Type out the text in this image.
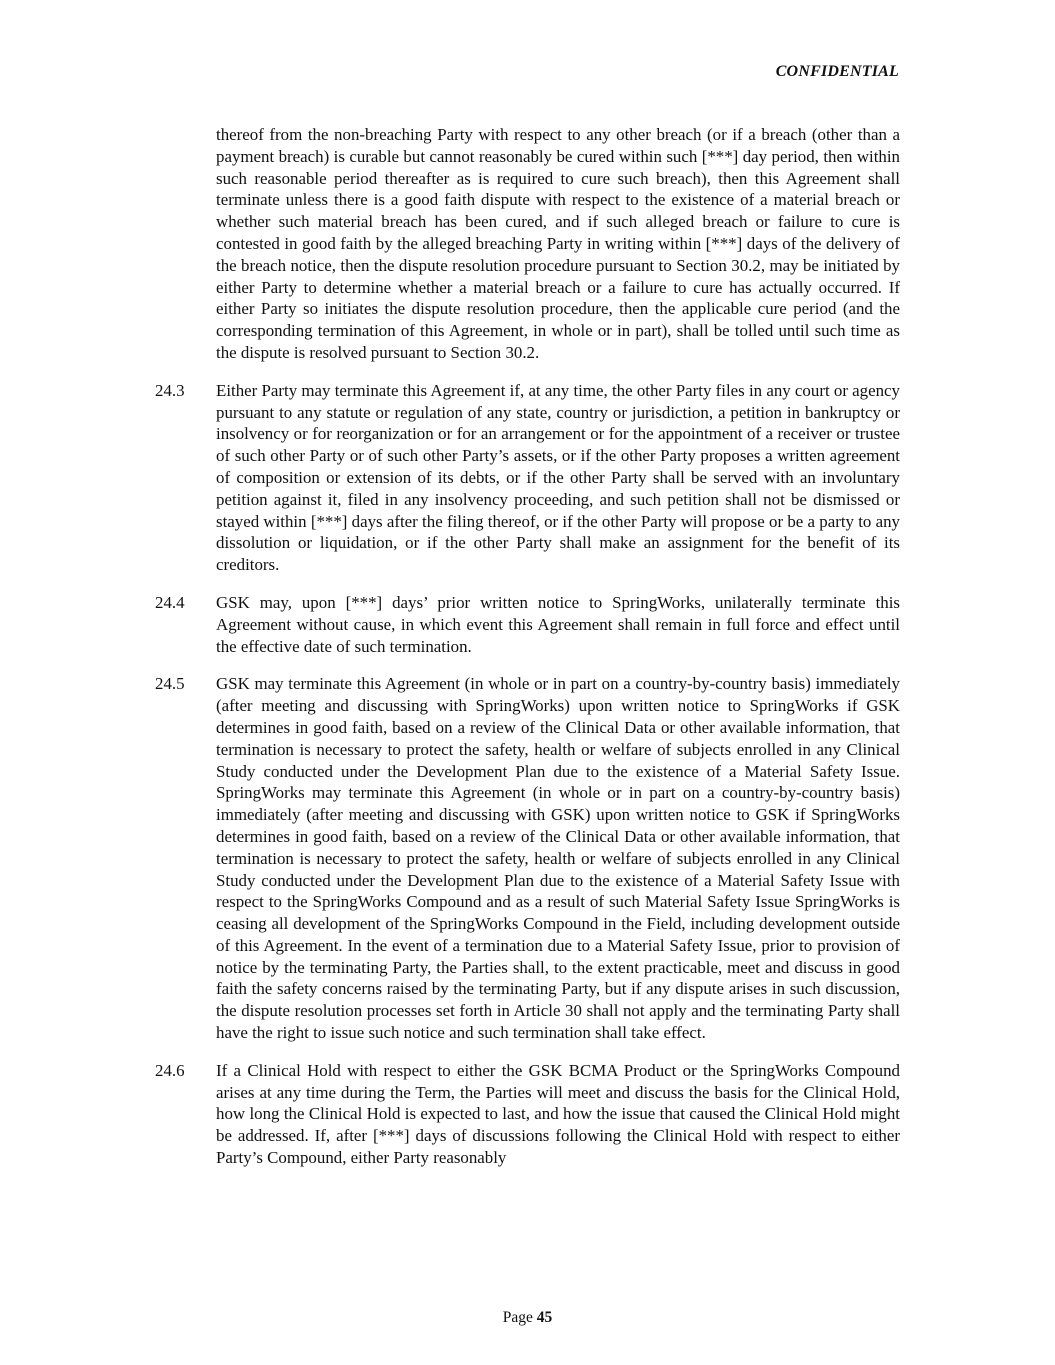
CONFIDENTIAL

thereof from the non-breaching Party with respect to any other breach (or if a breach (other than a payment breach) is curable but cannot reasonably be cured within such [***] day period, then within such reasonable period thereafter as is required to cure such breach), then this Agreement shall terminate unless there is a good faith dispute with respect to the existence of a material breach or whether such material breach has been cured, and if such alleged breach or failure to cure is contested in good faith by the alleged breaching Party in writing within [***] days of the delivery of the breach notice, then the dispute resolution procedure pursuant to Section 30.2, may be initiated by either Party to determine whether a material breach or a failure to cure has actually occurred. If either Party so initiates the dispute resolution procedure, then the applicable cure period (and the corresponding termination of this Agreement, in whole or in part), shall be tolled until such time as the dispute is resolved pursuant to Section 30.2.

24.3	Either Party may terminate this Agreement if, at any time, the other Party files in any court or agency pursuant to any statute or regulation of any state, country or jurisdiction, a petition in bankruptcy or insolvency or for reorganization or for an arrangement or for the appointment of a receiver or trustee of such other Party or of such other Party’s assets, or if the other Party proposes a written agreement of composition or extension of its debts, or if the other Party shall be served with an involuntary petition against it, filed in any insolvency proceeding, and such petition shall not be dismissed or stayed within [***] days after the filing thereof, or if the other Party will propose or be a party to any dissolution or liquidation, or if the other Party shall make an assignment for the benefit of its creditors.

24.4	GSK may, upon [***] days’ prior written notice to SpringWorks, unilaterally terminate this Agreement without cause, in which event this Agreement shall remain in full force and effect until the effective date of such termination.

24.5	GSK may terminate this Agreement (in whole or in part on a country-by-country basis) immediately (after meeting and discussing with SpringWorks) upon written notice to SpringWorks if GSK determines in good faith, based on a review of the Clinical Data or other available information, that termination is necessary to protect the safety, health or welfare of subjects enrolled in any Clinical Study conducted under the Development Plan due to the existence of a Material Safety Issue. SpringWorks may terminate this Agreement (in whole or in part on a country-by-country basis) immediately (after meeting and discussing with GSK) upon written notice to GSK if SpringWorks determines in good faith, based on a review of the Clinical Data or other available information, that termination is necessary to protect the safety, health or welfare of subjects enrolled in any Clinical Study conducted under the Development Plan due to the existence of a Material Safety Issue with respect to the SpringWorks Compound and as a result of such Material Safety Issue SpringWorks is ceasing all development of the SpringWorks Compound in the Field, including development outside of this Agreement. In the event of a termination due to a Material Safety Issue, prior to provision of notice by the terminating Party, the Parties shall, to the extent practicable, meet and discuss in good faith the safety concerns raised by the terminating Party, but if any dispute arises in such discussion, the dispute resolution processes set forth in Article 30 shall not apply and the terminating Party shall have the right to issue such notice and such termination shall take effect.

24.6	If a Clinical Hold with respect to either the GSK BCMA Product or the SpringWorks Compound arises at any time during the Term, the Parties will meet and discuss the basis for the Clinical Hold, how long the Clinical Hold is expected to last, and how the issue that caused the Clinical Hold might be addressed. If, after [***] days of discussions following the Clinical Hold with respect to either Party’s Compound, either Party reasonably

Page 45
